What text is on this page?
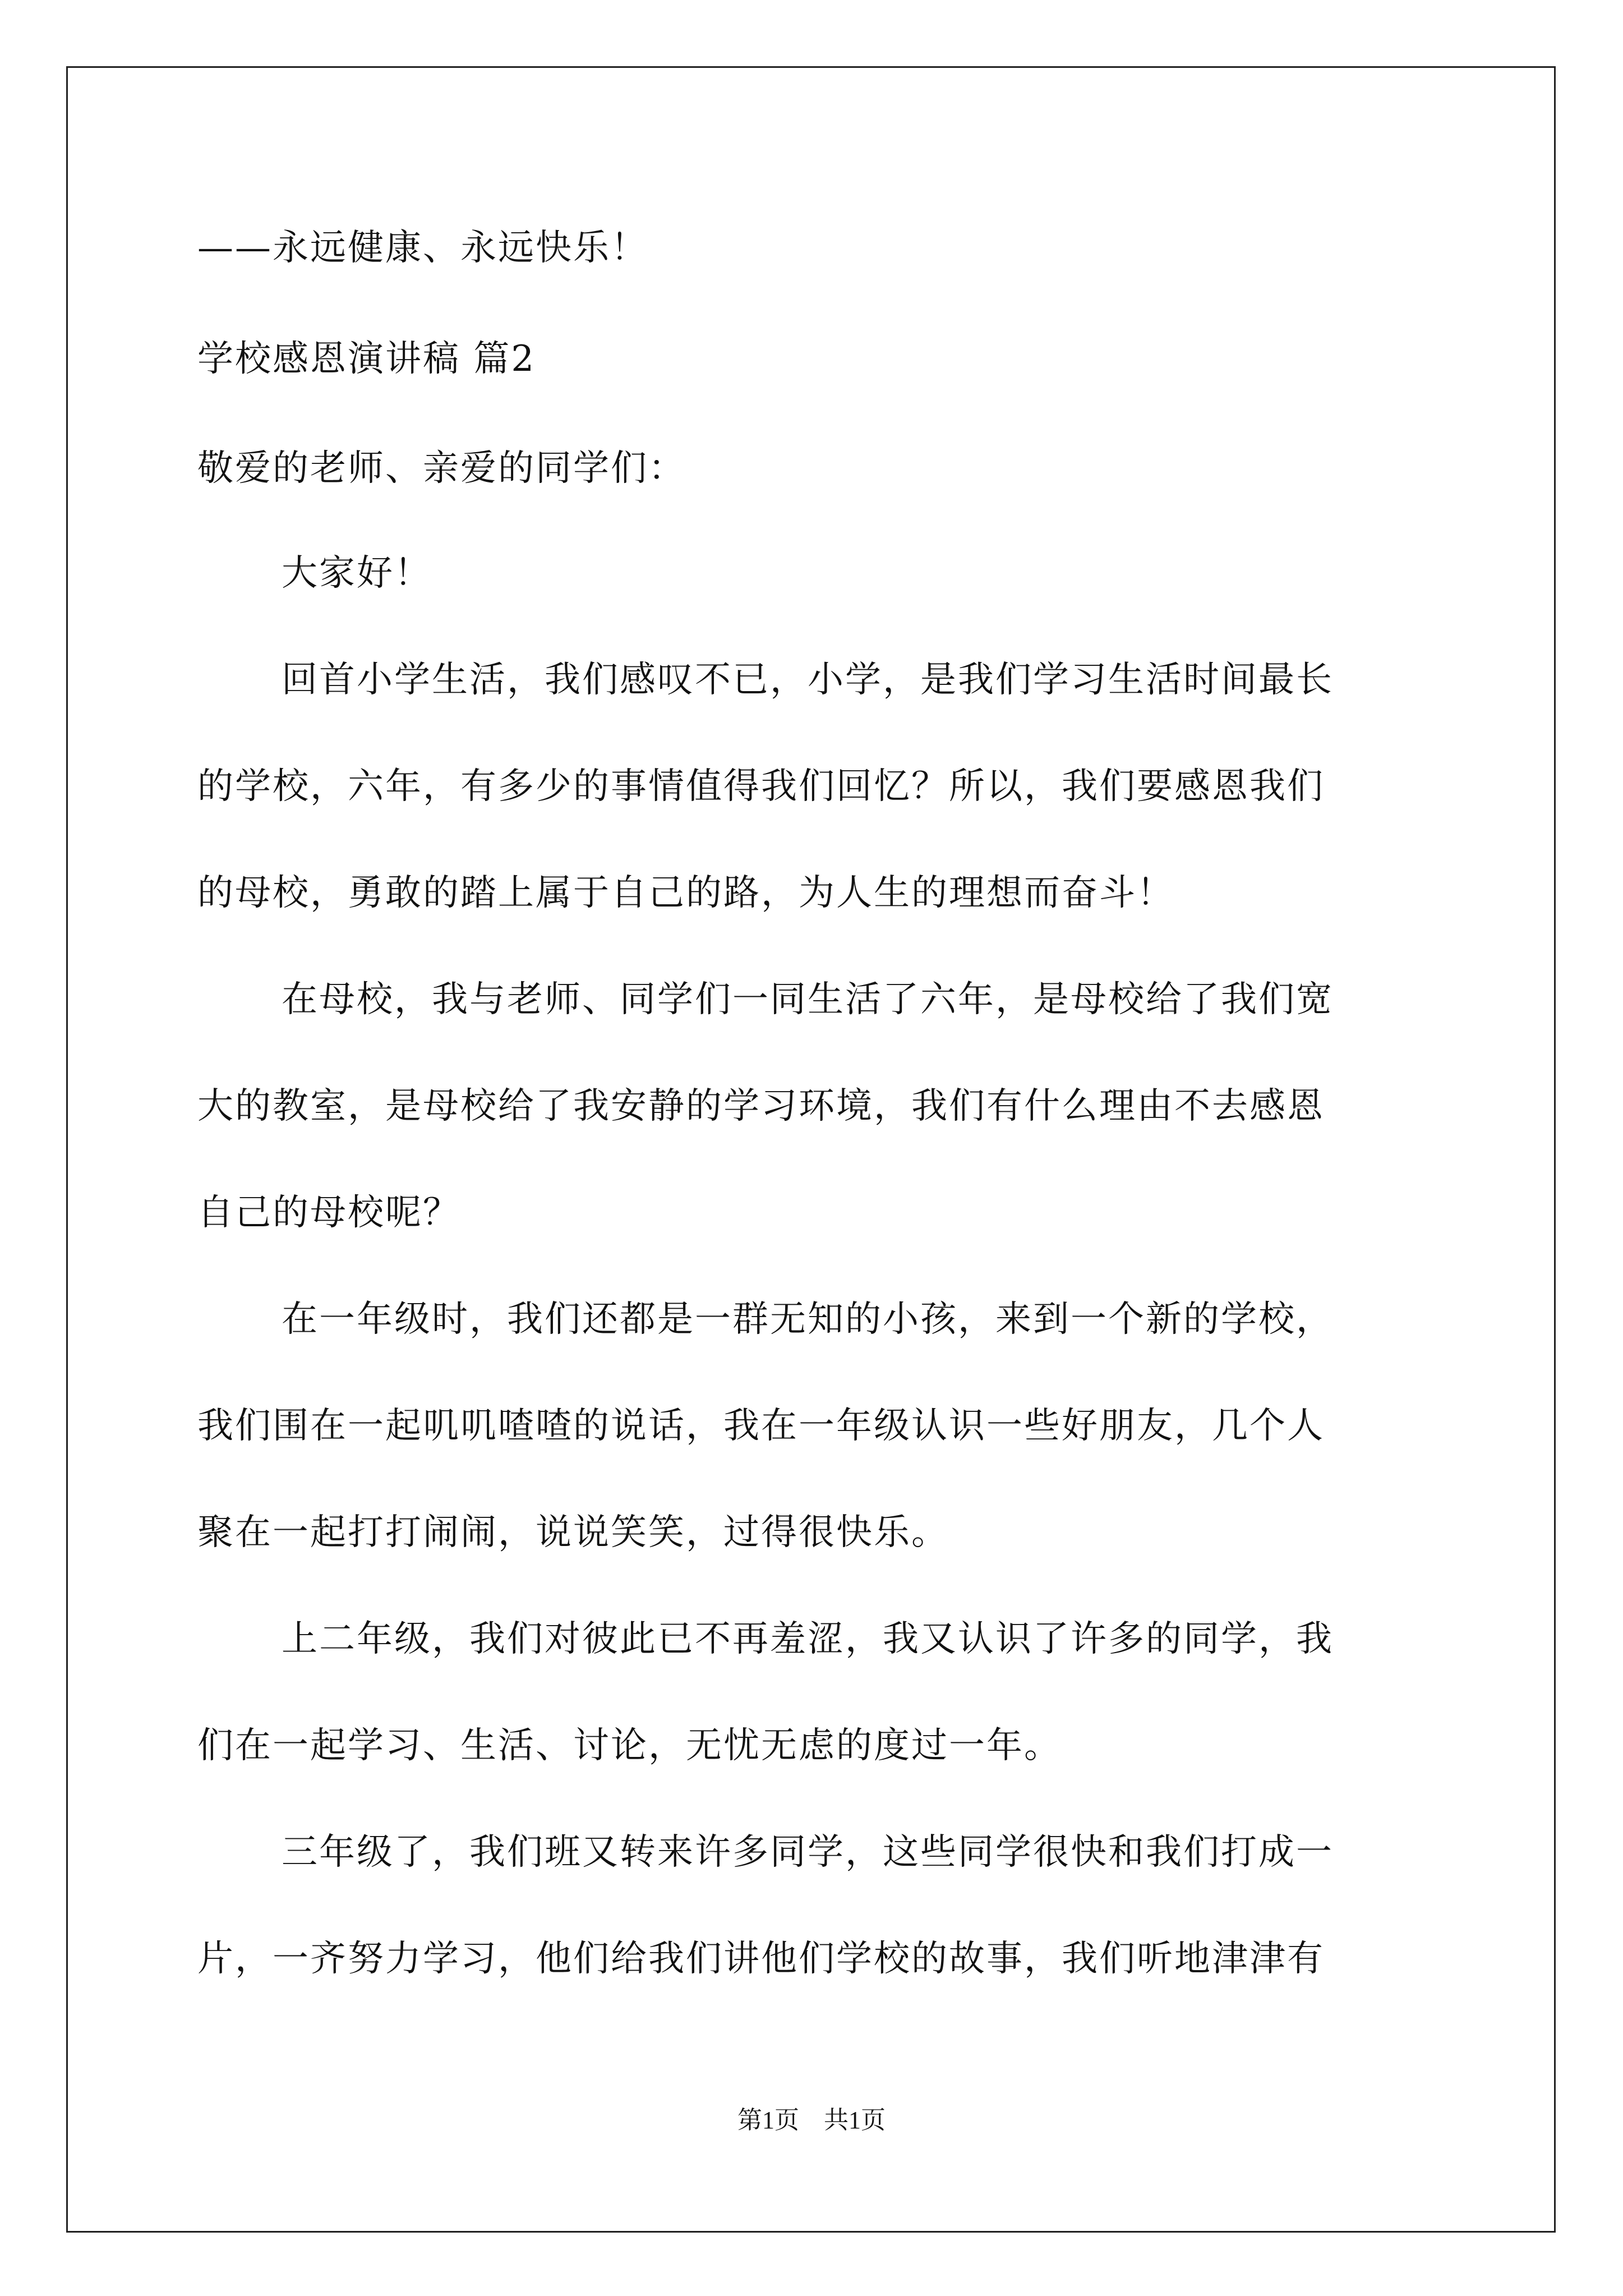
——永远健康、永远快乐！
学校感恩演讲稿 篇2
敬爱的老师、亲爱的同学们：
大家好！
回首小学生活，我们感叹不已，小学，是我们学习生活时间最长
的学校，六年，有多少的事情值得我们回忆？所以，我们要感恩我们
的母校，勇敢的踏上属于自己的路，为人生的理想而奋斗！
在母校，我与老师、同学们一同生活了六年，是母校给了我们宽
大的教室，是母校给了我安静的学习环境，我们有什么理由不去感恩
自己的母校呢？
在一年级时，我们还都是一群无知的小孩，来到一个新的学校，
我们围在一起叽叽喳喳的说话，我在一年级认识一些好朋友，几个人
聚在一起打打闹闹，说说笑笑，过得很快乐。
上二年级，我们对彼此已不再羞涩，我又认识了许多的同学，我
们在一起学习、生活、讨论，无忧无虑的度过一年。
三年级了，我们班又转来许多同学，这些同学很快和我们打成一
片，一齐努力学习，他们给我们讲他们学校的故事，我们听地津津有
第1页　共1页
